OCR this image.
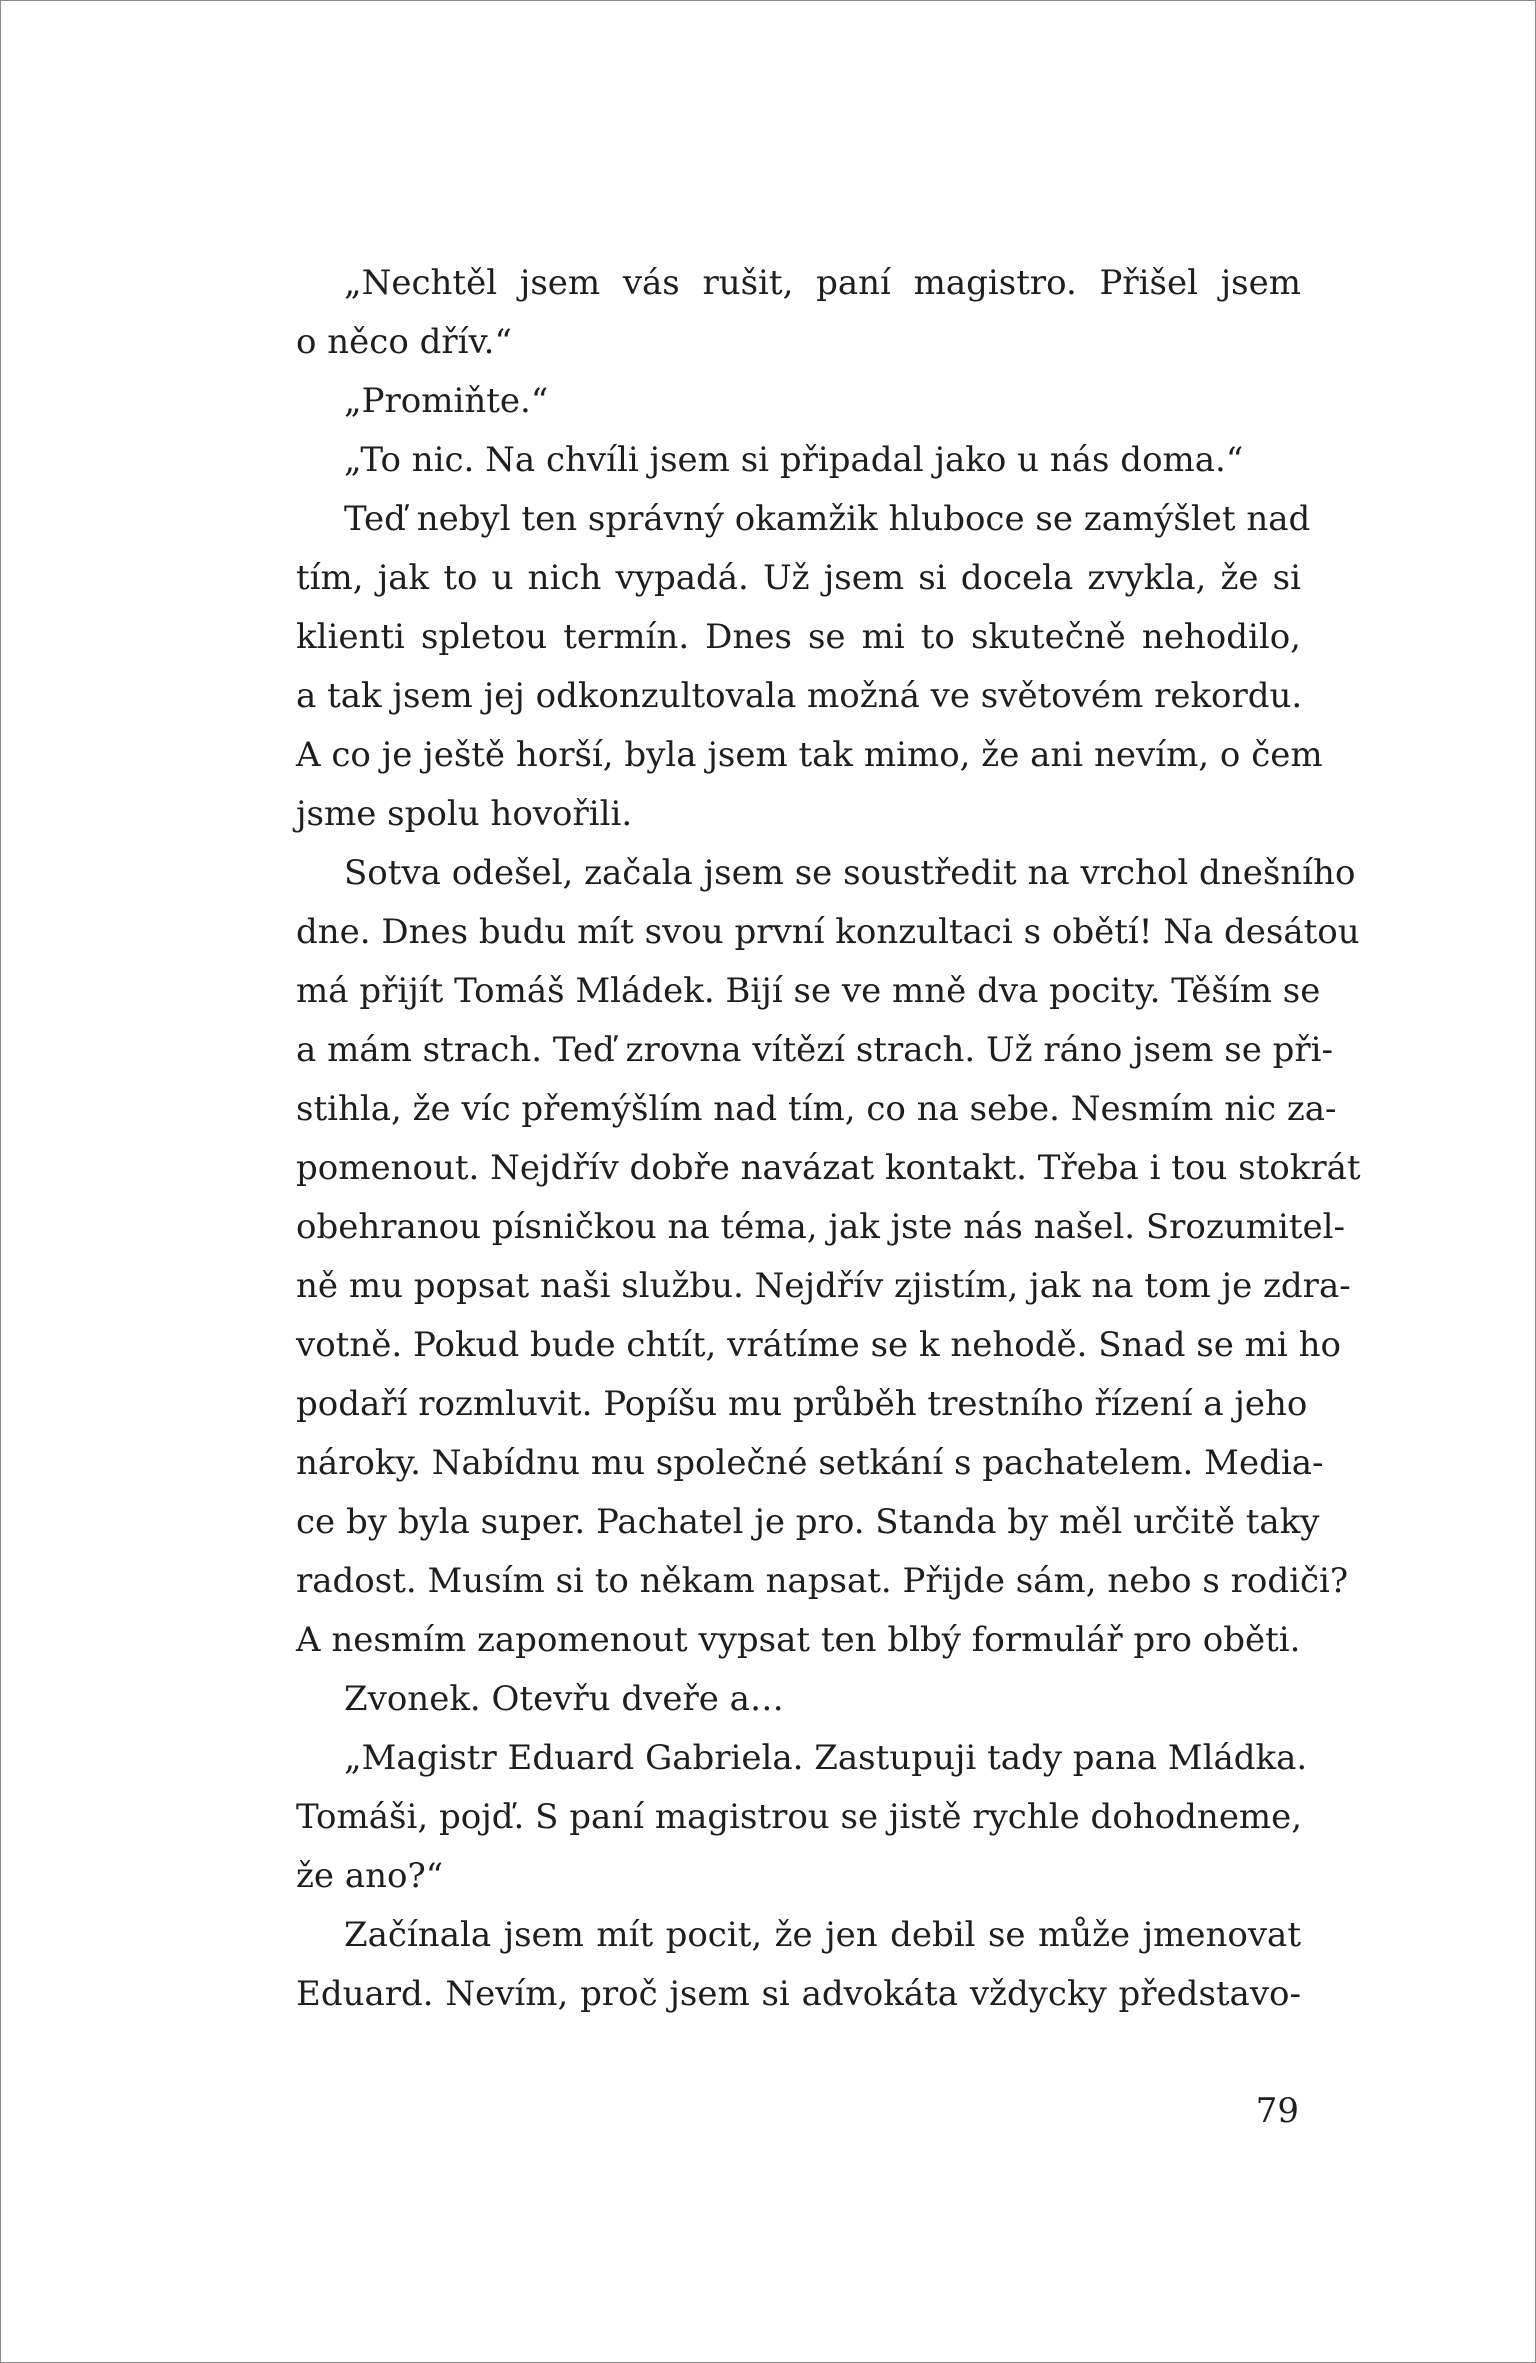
„Nechtěl jsem vás rušit, paní magistro. Přišel jsem
o něco dřív.“
„Promiňte.“
„To nic. Na chvíli jsem si připadal jako u nás doma.“
Teď nebyl ten správný okamžik hluboce se zamýšlet nad
tím, jak to u nich vypadá. Už jsem si docela zvykla, že si
klienti spletou termín. Dnes se mi to skutečně nehodilo,
a tak jsem jej odkonzultovala možná ve světovém rekordu.
A co je ještě horší, byla jsem tak mimo, že ani nevím, o čem
jsme spolu hovořili.
Sotva odešel, začala jsem se soustředit na vrchol dnešního
dne. Dnes budu mít svou první konzultaci s obětí! Na desátou
má přijít Tomáš Mládek. Bijí se ve mně dva pocity. Těším se
a mám strach. Teď zrovna vítězí strach. Už ráno jsem se při-
stihla, že víc přemýšlím nad tím, co na sebe. Nesmím nic za-
pomenout. Nejdřív dobře navázat kontakt. Třeba i tou stokrát
obehranou písničkou na téma, jak jste nás našel. Srozumitel-
ně mu popsat naši službu. Nejdřív zjistím, jak na tom je zdra-
votně. Pokud bude chtít, vrátíme se k nehodě. Snad se mi ho
podaří rozmluvit. Popíšu mu průběh trestního řízení a jeho
nároky. Nabídnu mu společné setkání s pachatelem. Media-
ce by byla super. Pachatel je pro. Standa by měl určitě taky
radost. Musím si to někam napsat. Přijde sám, nebo s rodiči?
A nesmím zapomenout vypsat ten blbý formulář pro oběti.
Zvonek. Otevřu dveře a…
„Magistr Eduard Gabriela. Zastupuji tady pana Mládka.
Tomáši, pojď. S paní magistrou se jistě rychle dohodneme,
že ano?“
Začínala jsem mít pocit, že jen debil se může jmenovat
Eduard. Nevím, proč jsem si advokáta vždycky představo-
79
